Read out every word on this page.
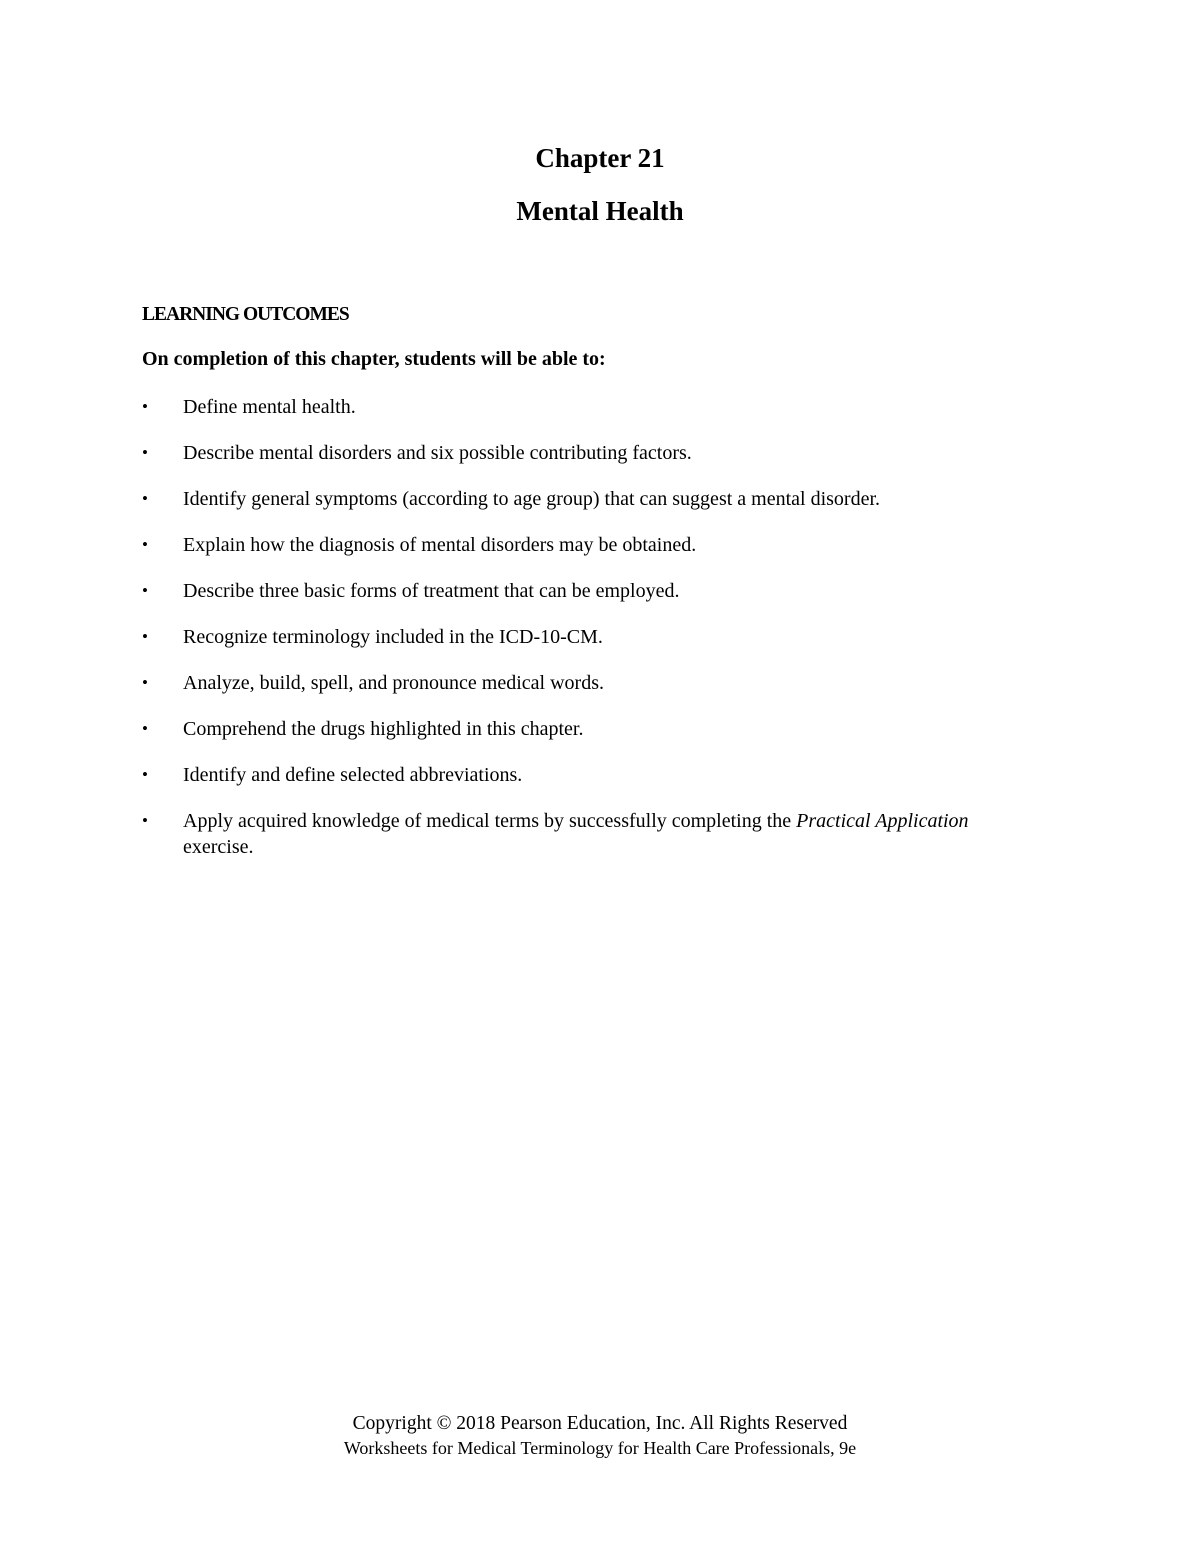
Chapter 21
Mental Health

LEARNING OUTCOMES

On completion of this chapter, students will be able to:

• Define mental health.
• Describe mental disorders and six possible contributing factors.
• Identify general symptoms (according to age group) that can suggest a mental disorder.
• Explain how the diagnosis of mental disorders may be obtained.
• Describe three basic forms of treatment that can be employed.
• Recognize terminology included in the ICD-10-CM.
• Analyze, build, spell, and pronounce medical words.
• Comprehend the drugs highlighted in this chapter.
• Identify and define selected abbreviations.
• Apply acquired knowledge of medical terms by successfully completing the Practical Application exercise.

Copyright © 2018 Pearson Education, Inc. All Rights Reserved

Worksheets for Medical Terminology for Health Care Professionals, 9e
